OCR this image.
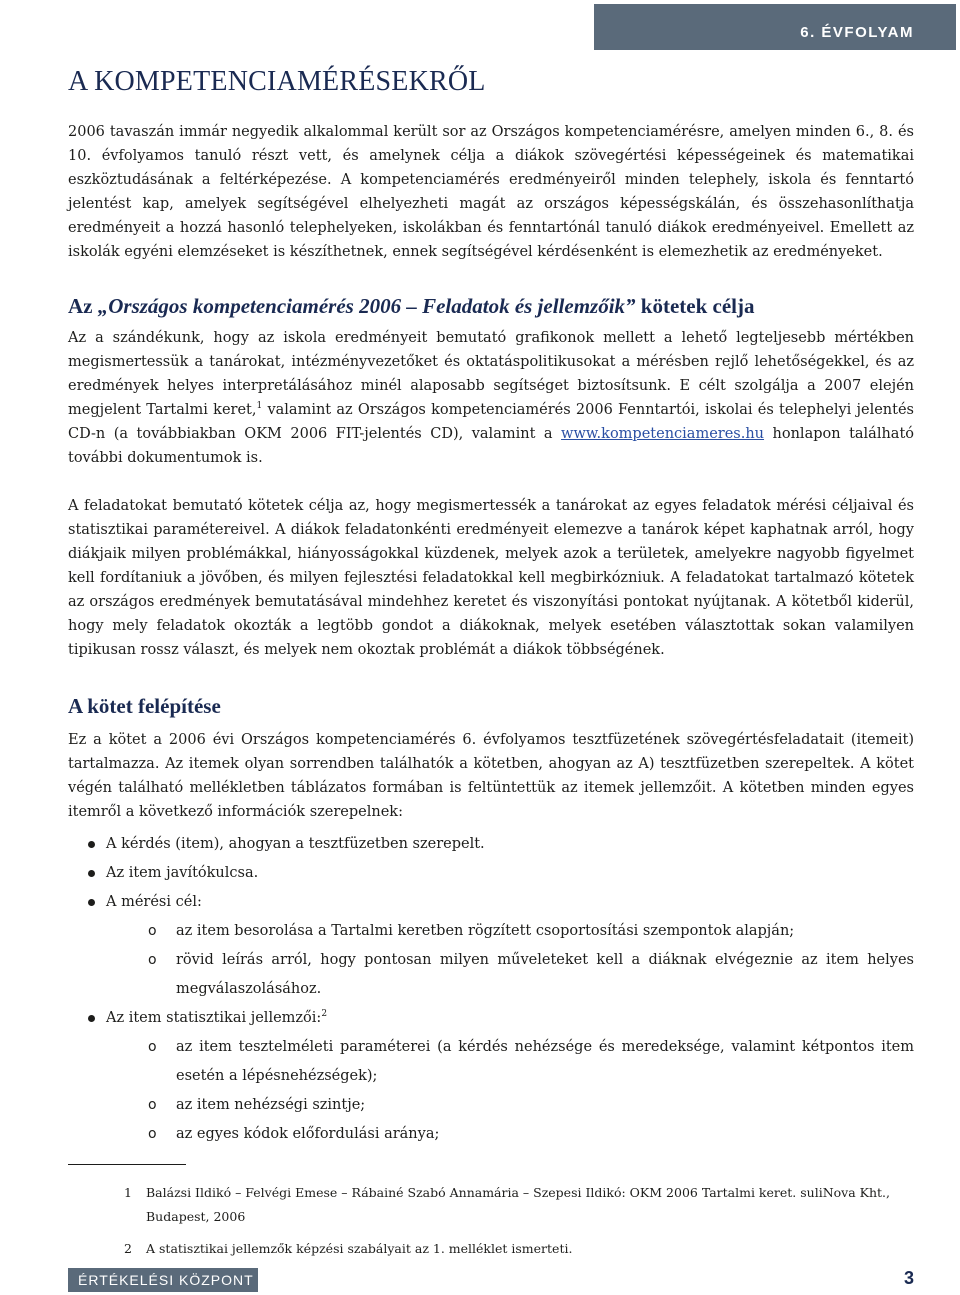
6. ÉVFOLYAM
A KOMPETENCIAMÉRÉSEKRŐL

2006 tavaszán immár negyedik alkalommal került sor az Országos kompetenciamérésre, amelyen minden 6., 8. és 10. évfolyamos tanuló részt vett, és amelynek célja a diákok szövegértési képességeinek és matematikai eszköztudásának a feltérképezése. A kompetenciamérés eredményeiről minden telephely, iskola és fenntartó jelentést kap, amelyek segítségével elhelyezheti magát az országos képességskálán, és összehasonlíthatja eredményeit a hozzá hasonló telephelyeken, iskolákban és fenntartónál tanuló diákok eredményeivel. Emellett az iskolák egyéni elemzéseket is készíthetnek, ennek segítségével kérdésenként is elemezhetik az eredményeket.

Az „Országos kompetenciamérés 2006 – Feladatok és jellemzőik” kötetek célja

Az a szándékunk, hogy az iskola eredményeit bemutató grafikonok mellett a lehető legteljesebb mértékben megismertessük a tanárokat, intézményvezetőket és oktatáspolitikusokat a mérésben rejlő lehetőségekkel, és az eredmények helyes interpretálásához minél alaposabb segítséget biztosítsunk. E célt szolgálja a 2007 elején megjelent Tartalmi keret,$^1$ valamint az Országos kompetenciamérés 2006 Fenntartói, iskolai és telephelyi jelentés CD-n (a továbbiakban OKM 2006 FIT-jelentés CD), valamint a www.kompetenciameres.hu honlapon található további dokumentumok is.

A feladatokat bemutató kötetek célja az, hogy megismertessék a tanárokat az egyes feladatok mérési céljaival és statisztikai paramétereivel. A diákok feladatonkénti eredményeit elemezve a tanárok képet kaphatnak arról, hogy diákjaik milyen problémákkal, hiányosságokkal küzdenek, melyek azok a területek, amelyekre nagyobb figyelmet kell fordítaniuk a jövőben, és milyen fejlesztési feladatokkal kell megbirkózniuk. A feladatokat tartalmazó kötetek az országos eredmények bemutatásával mindehhez keretet és viszonyítási pontokat nyújtanak. A kötetből kiderül, hogy mely feladatok okozták a legtöbb gondot a diákoknak, melyek esetében választottak sokan valamilyen tipikusan rossz választ, és melyek nem okoztak problémát a diákok többségének.

A kötet felépítése

Ez a kötet a 2006 évi Országos kompetenciamérés 6. évfolyamos tesztfüzetének szövegértésfeladatait (itemeit) tartalmazza. Az itemek olyan sorrendben találhatók a kötetben, ahogyan az A) tesztfüzetben szerepeltek. A kötet végén található mellékletben táblázatos formában is feltüntettük az itemek jellemzőit. A kötetben minden egyes itemről a következő információk szerepelnek:

A kérdés (item), ahogyan a tesztfüzetben szerepelt.
Az item javítókulcsa.
A mérési cél:
o az item besorolása a Tartalmi keretben rögzített csoportosítási szempontok alapján;
o rövid leírás arról, hogy pontosan milyen műveleteket kell a diáknak elvégeznie az item helyes megválaszolásához.
Az item statisztikai jellemzői:$^2$
o az item tesztelméleti paraméterei (a kérdés nehézsége és meredeksége, valamint kétpontos item esetén a lépésnehézségek);
o az item nehézségi szintje;
o az egyes kódok előfordulási aránya;
1 Balázsi Ildikó – Felvégi Emese – Rábainé Szabó Annamária – Szepesi Ildikó: OKM 2006 Tartalmi keret. suliNova Kht., Budapest, 2006
2 A statisztikai jellemzők képzési szabályait az 1. melléklet ismerteti.
ÉRTÉKELÉSI KÖZPONT	3
